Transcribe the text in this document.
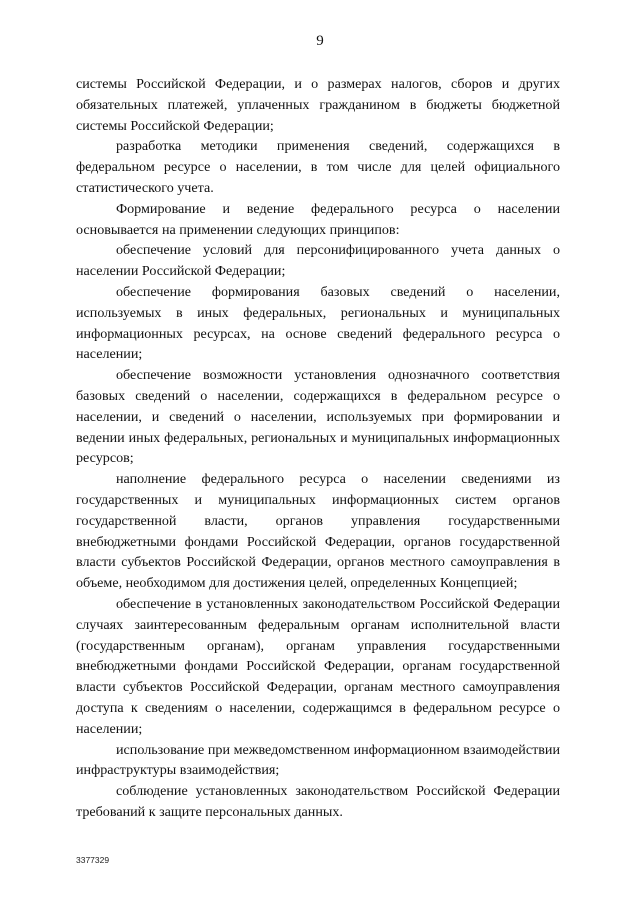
9

системы Российской Федерации, и о размерах налогов, сборов и других обязательных платежей, уплаченных гражданином в бюджеты бюджетной системы Российской Федерации;

разработка методики применения сведений, содержащихся в федеральном ресурсе о населении, в том числе для целей официального статистического учета.

Формирование и ведение федерального ресурса о населении основывается на применении следующих принципов:

обеспечение условий для персонифицированного учета данных о населении Российской Федерации;

обеспечение формирования базовых сведений о населении, используемых в иных федеральных, региональных и муниципальных информационных ресурсах, на основе сведений федерального ресурса о населении;

обеспечение возможности установления однозначного соответствия базовых сведений о населении, содержащихся в федеральном ресурсе о населении, и сведений о населении, используемых при формировании и ведении иных федеральных, региональных и муниципальных информационных ресурсов;

наполнение федерального ресурса о населении сведениями из государственных и муниципальных информационных систем органов государственной власти, органов управления государственными внебюджетными фондами Российской Федерации, органов государственной власти субъектов Российской Федерации, органов местного самоуправления в объеме, необходимом для достижения целей, определенных Концепцией;

обеспечение в установленных законодательством Российской Федерации случаях заинтересованным федеральным органам исполнительной власти (государственным органам), органам управления государственными внебюджетными фондами Российской Федерации, органам государственной власти субъектов Российской Федерации, органам местного самоуправления доступа к сведениям о населении, содержащимся в федеральном ресурсе о населении;

использование при межведомственном информационном взаимодействии инфраструктуры взаимодействия;

соблюдение установленных законодательством Российской Федерации требований к защите персональных данных.

3377329
